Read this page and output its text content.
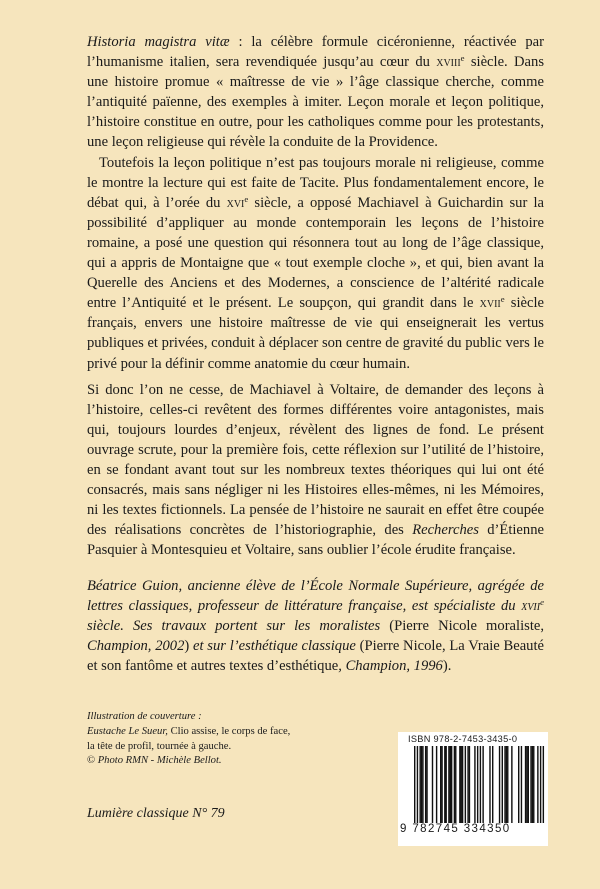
Historia magistra vitæ : la célèbre formule cicéronienne, réactivée par l’humanisme italien, sera revendiquée jusqu’au cœur du xviii$^e$ siècle. Dans une histoire promue « maîtresse de vie » l’âge classique cherche, comme l’antiquité païenne, des exemples à imiter. Leçon morale et leçon politique, l’histoire constitue en outre, pour les catholiques comme pour les protestants, une leçon religieuse qui révèle la conduite de la Providence.

Toutefois la leçon politique n’est pas toujours morale ni religieuse, comme le montre la lecture qui est faite de Tacite. Plus fondamentalement encore, le débat qui, à l’orée du xvi$^e$ siècle, a opposé Machiavel à Guichardin sur la possibilité d’appliquer au monde contemporain les leçons de l’histoire romaine, a posé une question qui résonnera tout au long de l’âge classique, qui a appris de Montaigne que « tout exemple cloche », et qui, bien avant la Querelle des Anciens et des Modernes, a conscience de l’altérité radicale entre l’Antiquité et le présent. Le soupçon, qui grandit dans le xvii$^e$ siècle français, envers une histoire maîtresse de vie qui enseignerait les vertus publiques et privées, conduit à déplacer son centre de gravité du public vers le privé pour la définir comme anatomie du cœur humain.

Si donc l’on ne cesse, de Machiavel à Voltaire, de demander des leçons à l’histoire, celles-ci revêtent des formes différentes voire antagonistes, mais qui, toujours lourdes d’enjeux, révèlent des lignes de fond. Le présent ouvrage scrute, pour la première fois, cette réflexion sur l’utilité de l’histoire, en se fondant avant tout sur les nombreux textes théoriques qui lui ont été consacrés, mais sans négliger ni les Histoires elles-mêmes, ni les Mémoires, ni les textes fictionnels. La pensée de l’histoire ne saurait en effet être coupée des réalisations concrètes de l’historiographie, des Recherches d’Étienne Pasquier à Montesquieu et Voltaire, sans oublier l’école érudite française.

Béatrice Guion, ancienne élève de l’École Normale Supérieure, agrégée de lettres classiques, professeur de littérature française, est spécialiste du xvii$^e$ siècle. Ses travaux portent sur les moralistes (Pierre Nicole moraliste, Champion, 2002) et sur l’esthétique classique (Pierre Nicole, La Vraie Beauté et son fantôme et autres textes d’esthétique, Champion, 1996).
Illustration de couverture :
Eustache Le Sueur, Clio assise, le corps de face,
la tête de profil, tournée à gauche.
© Photo RMN - Michèle Bellot.
Lumière classique N° 79
ISBN 978-2-7453-3435-0
9 782745 334350
